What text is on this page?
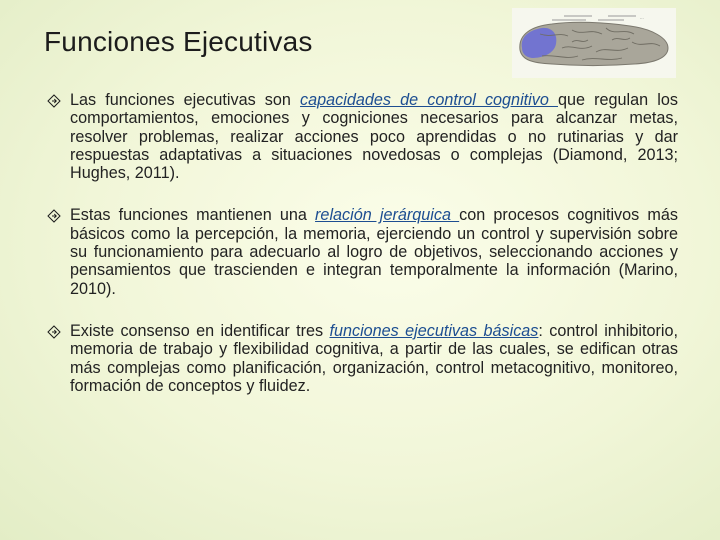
Funciones Ejecutivas
...

Las funciones ejecutivas son capacidades de control cognitivo que regulan los comportamientos, emociones y cogniciones necesarios para alcanzar metas, resolver problemas, realizar acciones poco aprendidas o no rutinarias y dar respuestas adaptativas a situaciones novedosas o complejas (Diamond, 2013; Hughes, 2011).

Estas funciones mantienen una relación jerárquica con procesos cognitivos más básicos como la percepción, la memoria, ejerciendo un control y supervisión sobre su funcionamiento para adecuarlo al logro de objetivos, seleccionando acciones y pensamientos que trascienden e integran temporalmente la información (Marino, 2010).

Existe consenso en identificar tres funciones ejecutivas básicas: control inhibitorio, memoria de trabajo y flexibilidad cognitiva, a partir de las cuales, se edifican otras más complejas como planificación, organización, control metacognitivo, monitoreo, formación de conceptos y fluidez.
